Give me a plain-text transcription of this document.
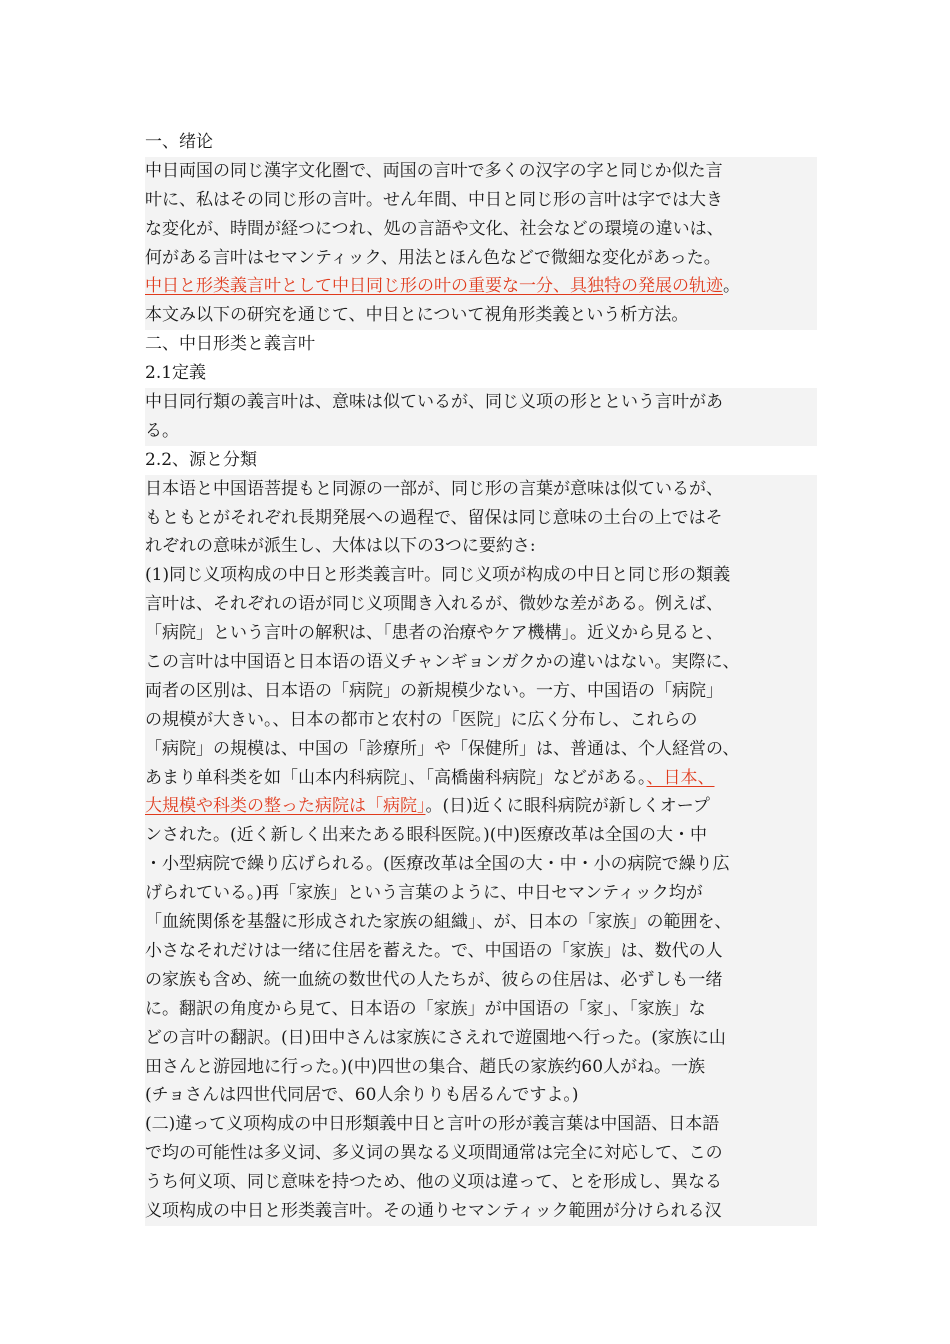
一、绪论
中日両国の同じ漢字文化圏で、両国の言叶で多くの汉字の字と同じか似た言
叶に、私はその同じ形の言叶。せん年間、中日と同じ形の言叶は字では大き
な変化が、時間が経つにつれ、処の言語や文化、社会などの環境の違いは、
何がある言叶はセマンティック、用法とほん色などで微細な変化があった。
中日と形类義言叶として中日同じ形の叶の重要な一分、具独特の発展の轨迹。
本文み以下の研究を通じて、中日とについて視角形类義という析方法。
二、中日形类と義言叶
2.1定義
中日同行類の義言叶は、意味は似ているが、同じ义项の形とという言叶があ
る。
2.2、源と分類
日本语と中国语菩提もと同源の一部が、同じ形の言葉が意味は似ているが、
もともとがそれぞれ長期発展への過程で、留保は同じ意味の土台の上ではそ
れぞれの意味が派生し、大体は以下の3つに要約さ:
(1)同じ义项构成の中日と形类義言叶。同じ义项が构成の中日と同じ形の類義
言叶は、それぞれの语が同じ义项聞き入れるが、微妙な差がある。例えば、
「病院」という言叶の解釈は、「患者の治療やケア機構」。近义から見ると、
この言叶は中国语と日本语の语义チャンギョンガクかの違いはない。実際に、
両者の区別は、日本语の「病院」の新規模少ない。一方、中国语の「病院」
の規模が大きい。、日本の都市と农村の「医院」に広く分布し、これらの
「病院」の規模は、中国の「診療所」や「保健所」は、普通は、个人経営の、
あまり单科类を如「山本内科病院」、「高橋歯科病院」などがある。、日本、
大規模や科类の整った病院は「病院」。(日)近くに眼科病院が新しくオープ
ンされた。(近く新しく出来たある眼科医院。)(中)医療改革は全国の大・中
・小型病院で繰り広げられる。(医療改革は全国の大・中・小の病院で繰り広
げられている。)再「家族」という言葉のように、中日セマンティック均が
「血統関係を基盤に形成された家族の組織」、が、日本の「家族」の範囲を、
小さなそれだけは一绪に住居を蓄えた。で、中国语の「家族」は、数代の人
の家族も含め、統一血統の数世代の人たちが、彼らの住居は、必ずしも一绪
に。翻訳の角度から見て、日本语の「家族」が中国语の「家」、「家族」な
どの言叶の翻訳。(日)田中さんは家族にさえれで遊園地へ行った。(家族に山
田さんと游园地に行った。)(中)四世の集合、趙氏の家族约60人がね。一族
(チョさんは四世代同居で、60人余りりも居るんですよ。)
(二)違って义项构成の中日形類義中日と言叶の形が義言葉は中国語、日本語
で均の可能性は多义词、多义词の異なる义项間通常は完全に対応して、この
うち何义项、同じ意味を持つため、他の义项は違って、とを形成し、異なる
义项构成の中日と形类義言叶。その通りセマンティック範囲が分けられる汉
